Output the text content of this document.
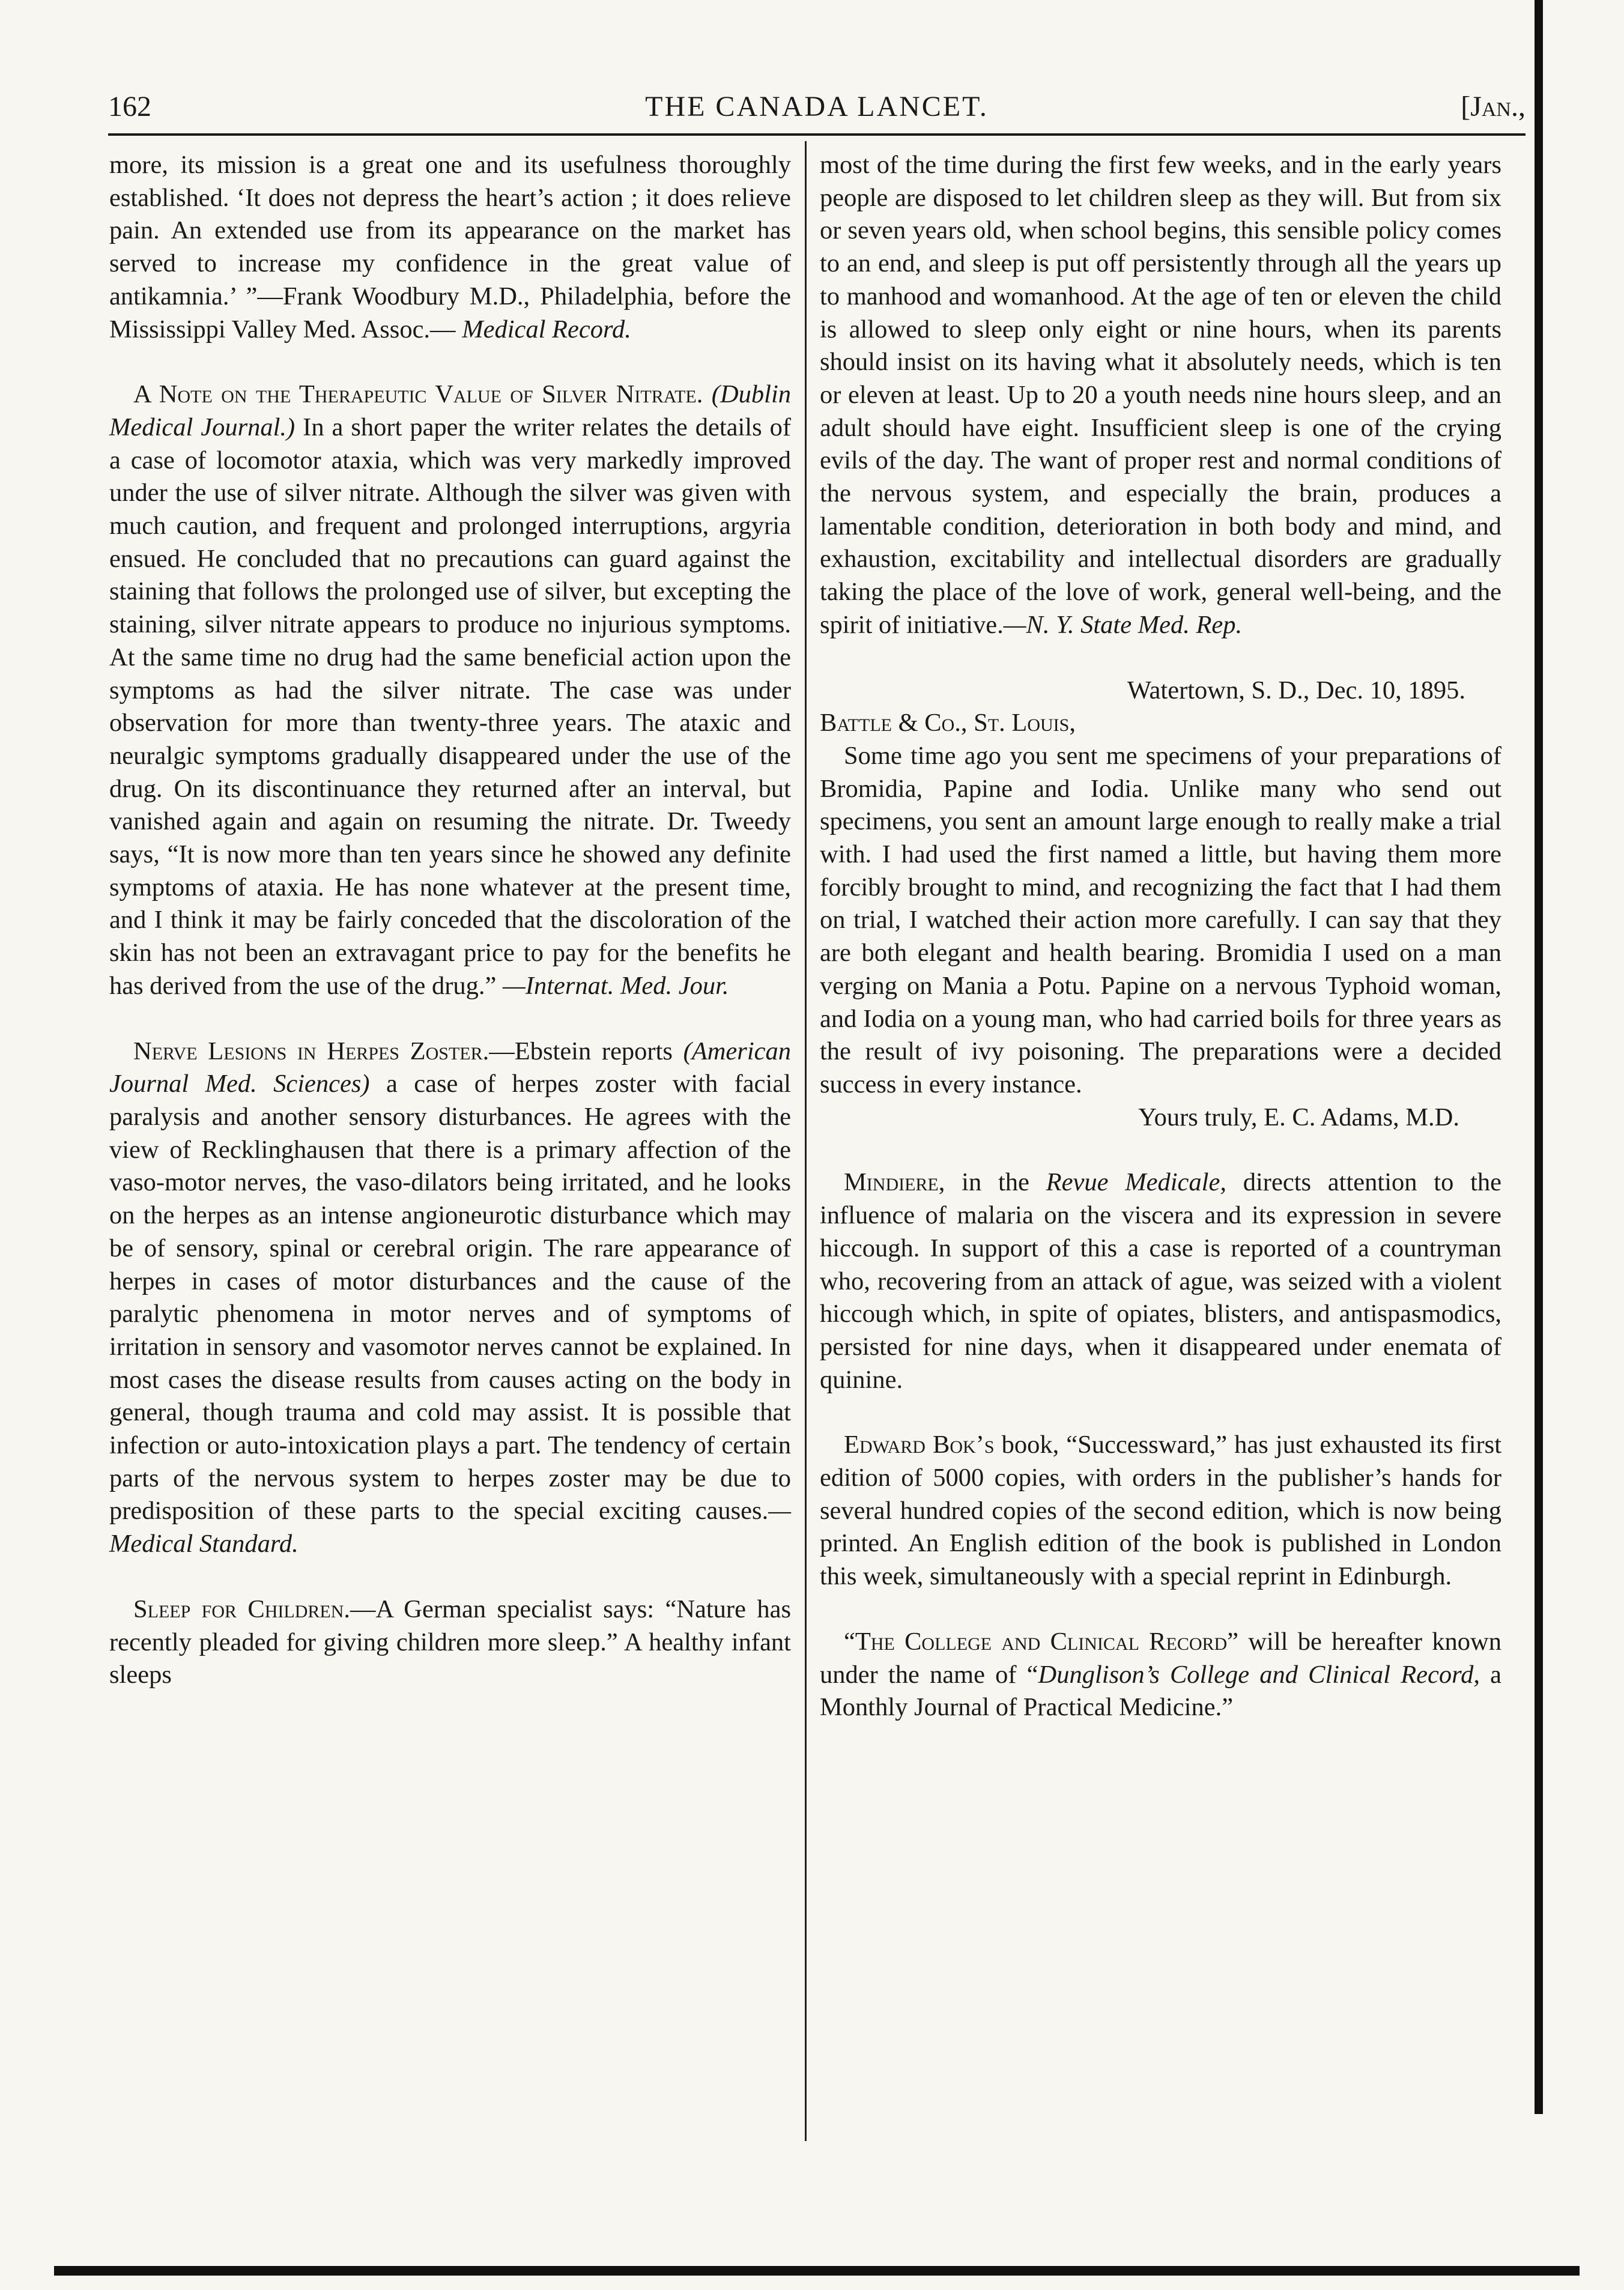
162	THE CANADA LANCET.	[Jan.,

more, its mission is a great one and its usefulness thoroughly established. ‘It does not depress the heart’s action ; it does relieve pain. An extended use from its appearance on the market has served to increase my confidence in the great value of antikamnia.’ ”—Frank Woodbury M.D., Philadelphia, before the Mississippi Valley Med. Assoc.— Medical Record.

A Note on the Therapeutic Value of Silver Nitrate. (Dublin Medical Journal.) In a short paper the writer relates the details of a case of locomotor ataxia, which was very markedly improved under the use of silver nitrate. Although the silver was given with much caution, and frequent and prolonged interruptions, argyria ensued. He concluded that no precautions can guard against the staining that follows the prolonged use of silver, but excepting the staining, silver nitrate appears to produce no injurious symptoms. At the same time no drug had the same beneficial action upon the symptoms as had the silver nitrate. The case was under observation for more than twenty-three years. The ataxic and neuralgic symptoms gradually disappeared under the use of the drug. On its discontinuance they returned after an interval, but vanished again and again on resuming the nitrate. Dr. Tweedy says, “It is now more than ten years since he showed any definite symptoms of ataxia. He has none whatever at the present time, and I think it may be fairly conceded that the discoloration of the skin has not been an extravagant price to pay for the benefits he has derived from the use of the drug.” —Internat. Med. Jour.

Nerve Lesions in Herpes Zoster.—Ebstein reports (American Journal Med. Sciences) a case of herpes zoster with facial paralysis and another sensory disturbances. He agrees with the view of Recklinghausen that there is a primary affection of the vaso-motor nerves, the vaso-dilators being irritated, and he looks on the herpes as an intense angioneurotic disturbance which may be of sensory, spinal or cerebral origin. The rare appearance of herpes in cases of motor disturbances and the cause of the paralytic phenomena in motor nerves and of symptoms of irritation in sensory and vasomotor nerves cannot be explained. In most cases the disease results from causes acting on the body in general, though trauma and cold may assist. It is possible that infection or auto-intoxication plays a part. The tendency of certain parts of the nervous system to herpes zoster may be due to predisposition of these parts to the special exciting causes.—Medical Standard.

Sleep for Children.—A German specialist says: “Nature has recently pleaded for giving children more sleep.” A healthy infant sleeps

most of the time during the first few weeks, and in the early years people are disposed to let children sleep as they will. But from six or seven years old, when school begins, this sensible policy comes to an end, and sleep is put off persistently through all the years up to manhood and womanhood. At the age of ten or eleven the child is allowed to sleep only eight or nine hours, when its parents should insist on its having what it absolutely needs, which is ten or eleven at least. Up to 20 a youth needs nine hours sleep, and an adult should have eight. Insufficient sleep is one of the crying evils of the day. The want of proper rest and normal conditions of the nervous system, and especially the brain, produces a lamentable condition, deterioration in both body and mind, and exhaustion, excitability and intellectual disorders are gradually taking the place of the love of work, general well-being, and the spirit of initiative.—N. Y. State Med. Rep.

Watertown, S. D., Dec. 10, 1895.

Battle & Co., St. Louis,

Some time ago you sent me specimens of your preparations of Bromidia, Papine and Iodia. Unlike many who send out specimens, you sent an amount large enough to really make a trial with. I had used the first named a little, but having them more forcibly brought to mind, and recognizing the fact that I had them on trial, I watched their action more carefully. I can say that they are both elegant and health bearing. Bromidia I used on a man verging on Mania a Potu. Papine on a nervous Typhoid woman, and Iodia on a young man, who had carried boils for three years as the result of ivy poisoning. The preparations were a decided success in every instance.

Yours truly, E. C. Adams, M.D.

Mindiere, in the Revue Medicale, directs attention to the influence of malaria on the viscera and its expression in severe hiccough. In support of this a case is reported of a countryman who, recovering from an attack of ague, was seized with a violent hiccough which, in spite of opiates, blisters, and antispasmodics, persisted for nine days, when it disappeared under enemata of quinine.

Edward Bok’s book, “Successward,” has just exhausted its first edition of 5000 copies, with orders in the publisher’s hands for several hundred copies of the second edition, which is now being printed. An English edition of the book is published in London this week, simultaneously with a special reprint in Edinburgh.

“The College and Clinical Record” will be hereafter known under the name of “Dunglison’s College and Clinical Record, a Monthly Journal of Practical Medicine.”
